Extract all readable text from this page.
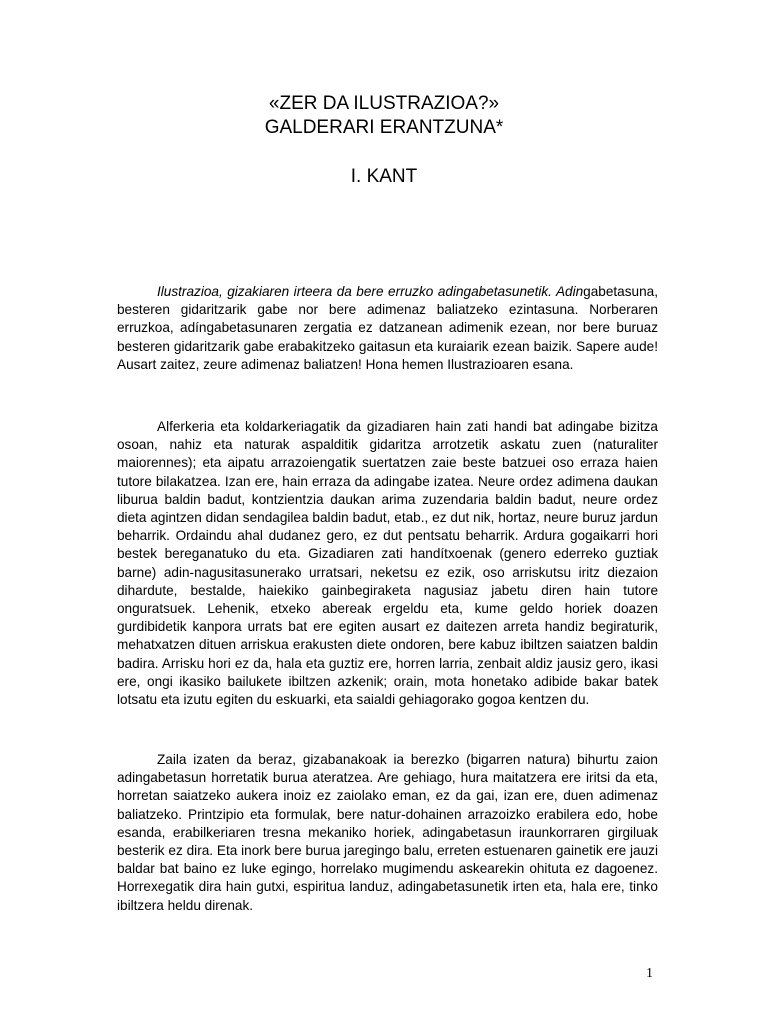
«ZER DA ILUSTRAZIOA?»
GALDERARI ERANTZUNA*
I. KANT

Ilustrazioa, gizakiaren irteera da bere erruzko adingabetasunetik. Adingabetasuna, besteren gidaritzarik gabe nor bere adimenaz baliatzeko ezintasuna. Norberaren erruzkoa, adíngabetasunaren zergatia ez datzanean adimenik ezean, nor bere buruaz besteren gidaritzarik gabe erabakitzeko gaitasun eta kuraiarik ezean baizik. Sapere aude! Ausart zaitez, zeure adimenaz baliatzen! Hona hemen Ilustrazioaren esana.

Alferkeria eta koldarkeriagatik da gizadiaren hain zati handi bat adingabe bizitza osoan, nahiz eta naturak aspalditik gidaritza arrotzetik askatu zuen (naturaliter maiorennes); eta aipatu arrazoiengatik suertatzen zaie beste batzuei oso erraza haien tutore bilakatzea. Izan ere, hain erraza da adingabe izatea. Neure ordez adimena daukan liburua baldin badut, kontzientzia daukan arima zuzendaria baldin badut, neure ordez dieta agintzen didan sendagilea baldin badut, etab., ez dut nik, hortaz, neure buruz jardun beharrik. Ordaindu ahal dudanez gero, ez dut pentsatu beharrik. Ardura gogaikarri hori bestek bereganatuko du eta. Gizadiaren zati handítxoenak (genero ederreko guztiak barne) adin-nagusitasunerako urratsari, neketsu ez ezik, oso arriskutsu iritz diezaion dihardute, bestalde, haiekiko gainbegiraketa nagusiaz jabetu diren hain tutore onguratsuek. Lehenik, etxeko abereak ergeldu eta, kume geldo horiek doazen gurdibidetik kanpora urrats bat ere egiten ausart ez daitezen arreta handiz begiraturik, mehatxatzen dituen arriskua erakusten diete ondoren, bere kabuz ibiltzen saiatzen baldin badira. Arrisku hori ez da, hala eta guztiz ere, horren larria, zenbait aldiz jausiz gero, ikasi ere, ongi ikasiko bailukete ibiltzen azkenik; orain, mota honetako adibide bakar batek lotsatu eta izutu egiten du eskuarki, eta saialdi gehiagorako gogoa kentzen du.

Zaila izaten da beraz, gizabanakoak ia berezko (bigarren natura) bihurtu zaion adingabetasun horretatik burua ateratzea. Are gehiago, hura maitatzera ere iritsi da eta, horretan saiatzeko aukera inoiz ez zaiolako eman, ez da gai, izan ere, duen adimenaz baliatzeko. Printzipio eta formulak, bere natur-dohainen arrazoizko erabilera edo, hobe esanda, erabilkeriaren tresna mekaniko horiek, adingabetasun iraunkorraren girgiluak besterik ez dira. Eta inork bere burua jaregingo balu, erreten estuenaren gainetik ere jauzi baldar bat baino ez luke egingo, horrelako mugimendu askearekin ohituta ez dagoenez. Horrexegatik dira hain gutxi, espiritua landuz, adingabetasunetik irten eta, hala ere, tinko ibiltzera heldu direnak.

1
